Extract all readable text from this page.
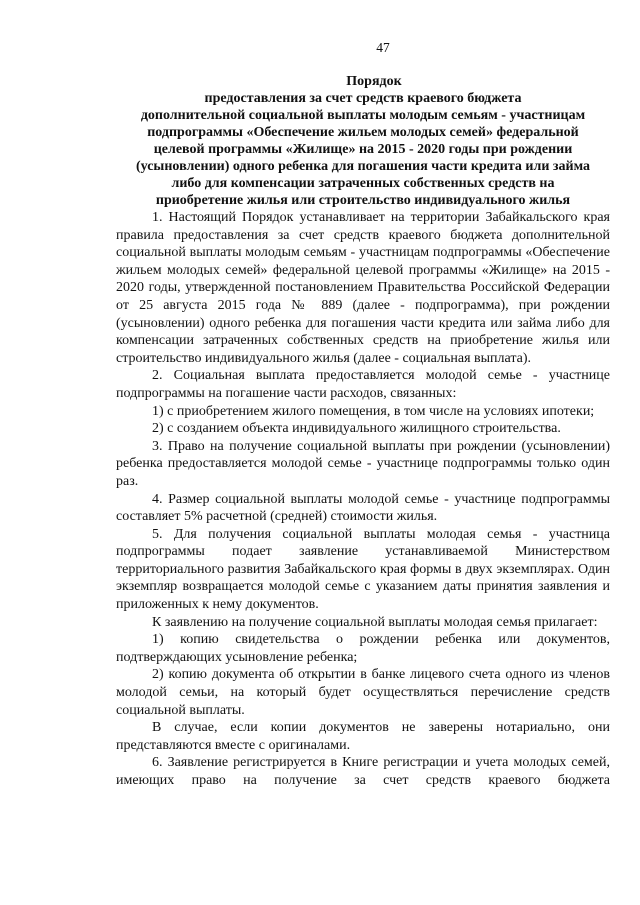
47
Порядок
предоставления за счет средств краевого бюджета
дополнительной социальной выплаты молодым семьям - участницам
подпрограммы «Обеспечение жильем молодых семей» федеральной
целевой программы «Жилище» на 2015 - 2020 годы при рождении
(усыновлении) одного ребенка для погашения части кредита или займа
либо для компенсации затраченных собственных средств на
приобретение жилья или строительство индивидуального жилья

1. Настоящий Порядок устанавливает на территории Забайкальского края правила предоставления за счет средств краевого бюджета дополнительной социальной выплаты молодым семьям - участницам подпрограммы «Обеспечение жильем молодых семей» федеральной целевой программы «Жилище» на 2015 - 2020 годы, утвержденной постановлением Правительства Российской Федерации от 25 августа 2015 года № 889 (далее - подпрограмма), при рождении (усыновлении) одного ребенка для погашения части кредита или займа либо для компенсации затраченных собственных средств на приобретение жилья или строительство индивидуального жилья (далее - социальная выплата).

2. Социальная выплата предоставляется молодой семье - участнице подпрограммы на погашение части расходов, связанных:

1) с приобретением жилого помещения, в том числе на условиях ипотеки;

2) с созданием объекта индивидуального жилищного строительства.

3. Право на получение социальной выплаты при рождении (усыновлении) ребенка предоставляется молодой семье - участнице подпрограммы только один раз.

4. Размер социальной выплаты молодой семье - участнице подпрограммы составляет 5% расчетной (средней) стоимости жилья.

5. Для получения социальной выплаты молодая семья - участница подпрограммы подает заявление устанавливаемой Министерством территориального развития Забайкальского края формы в двух экземплярах. Один экземпляр возвращается молодой семье с указанием даты принятия заявления и приложенных к нему документов.

К заявлению на получение социальной выплаты молодая семья прилагает:

1) копию свидетельства о рождении ребенка или документов, подтверждающих усыновление ребенка;

2) копию документа об открытии в банке лицевого счета одного из членов молодой семьи, на который будет осуществляться перечисление средств социальной выплаты.

В случае, если копии документов не заверены нотариально, они представляются вместе с оригиналами.

6. Заявление регистрируется в Книге регистрации и учета молодых семей, имеющих право на получение за счет средств краевого бюджета
